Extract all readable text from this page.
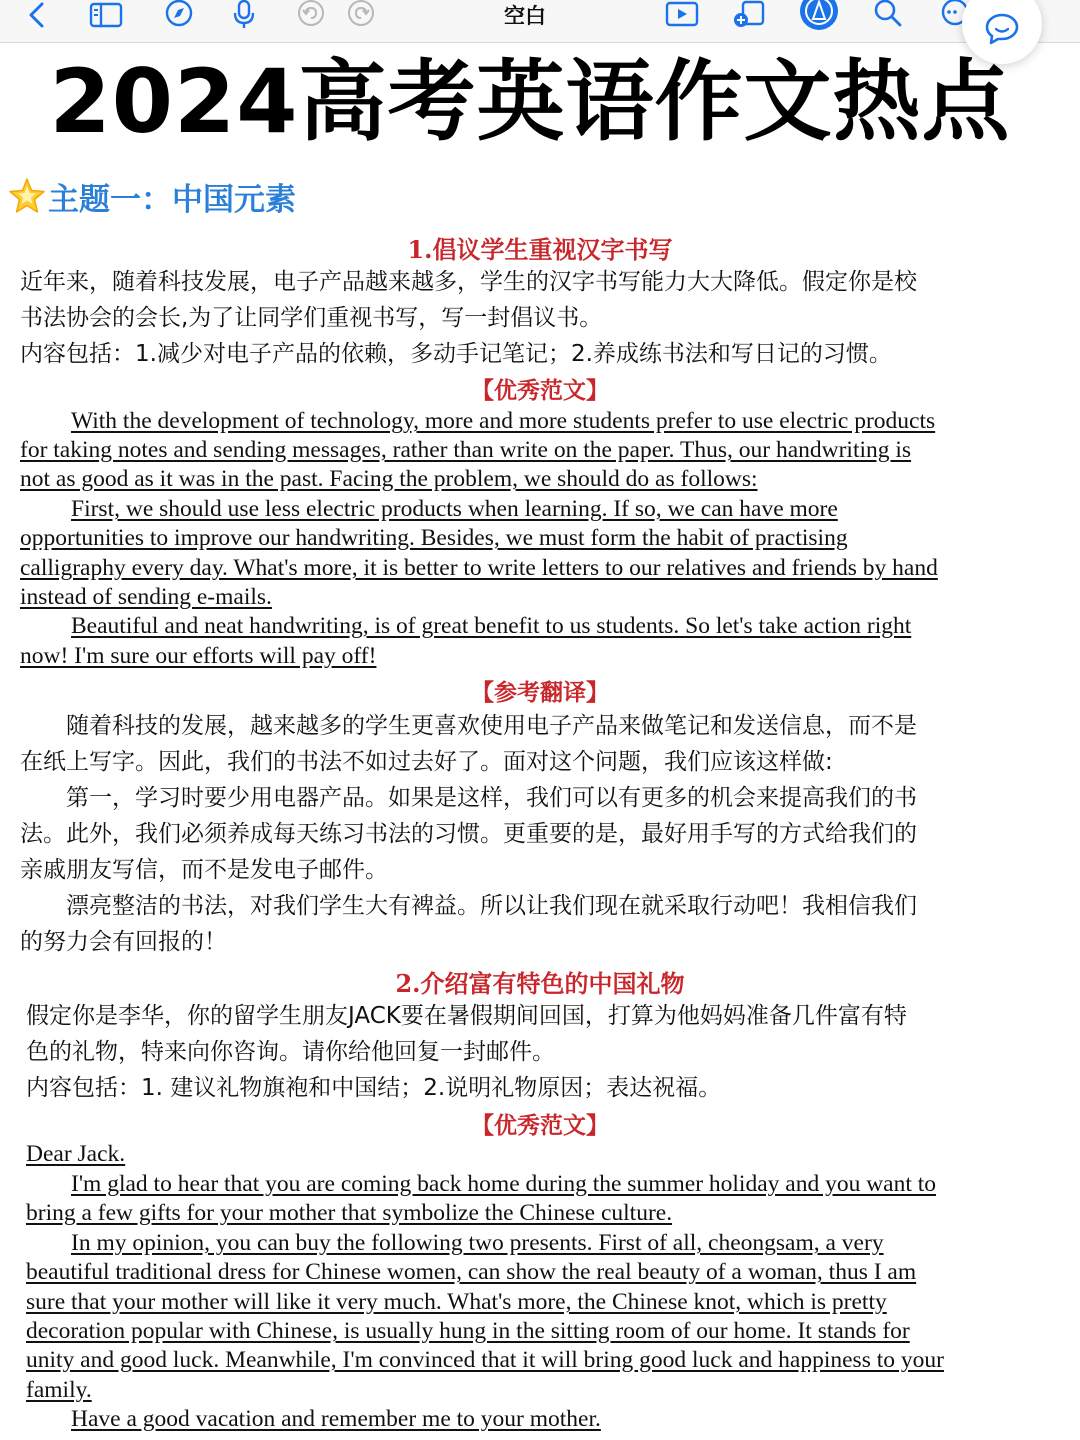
空白
2024高考英语作文热点
主题一：中国元素
1.倡议学生重视汉字书写
近年来，随着科技发展，电子产品越来越多，学生的汉字书写能力大大降低。假定你是校
书法协会的会长,为了让同学们重视书写，写一封倡议书。
内容包括：1.减少对电子产品的依赖，多动手记笔记；2.养成练书法和写日记的习惯。
【优秀范文】
With the development of technology, more and more students prefer to use electric products
for taking notes and sending messages, rather than write on the paper. Thus, our handwriting is
not as good as it was in the past. Facing the problem, we should do as follows:
First, we should use less electric products when learning. If so, we can have more
opportunities to improve our handwriting. Besides, we must form the habit of practising
calligraphy every day. What's more, it is better to write letters to our relatives and friends by hand
instead of sending e-mails.
Beautiful and neat handwriting, is of great benefit to us students. So let's take action right
now! I'm sure our efforts will pay off!
【参考翻译】
随着科技的发展，越来越多的学生更喜欢使用电子产品来做笔记和发送信息，而不是
在纸上写字。因此，我们的书法不如过去好了。面对这个问题，我们应该这样做:
第一，学习时要少用电器产品。如果是这样，我们可以有更多的机会来提高我们的书
法。此外，我们必须养成每天练习书法的习惯。更重要的是，最好用手写的方式给我们的
亲戚朋友写信，而不是发电子邮件。
漂亮整洁的书法，对我们学生大有裨益。所以让我们现在就采取行动吧！我相信我们
的努力会有回报的！
2.介绍富有特色的中国礼物
假定你是李华，你的留学生朋友JACK要在暑假期间回国，打算为他妈妈准备几件富有特
色的礼物，特来向你咨询。请你给他回复一封邮件。
内容包括：1. 建议礼物旗袍和中国结；2.说明礼物原因；表达祝福。
【优秀范文】
Dear Jack.
I'm glad to hear that you are coming back home during the summer holiday and you want to
bring a few gifts for your mother that symbolize the Chinese culture.
In my opinion, you can buy the following two presents. First of all, cheongsam, a very
beautiful traditional dress for Chinese women, can show the real beauty of a woman, thus I am
sure that your mother will like it very much. What's more, the Chinese knot, which is pretty
decoration popular with Chinese, is usually hung in the sitting room of our home. It stands for
unity and good luck. Meanwhile, I'm convinced that it will bring good luck and happiness to your
family.
Have a good vacation and remember me to your mother.
